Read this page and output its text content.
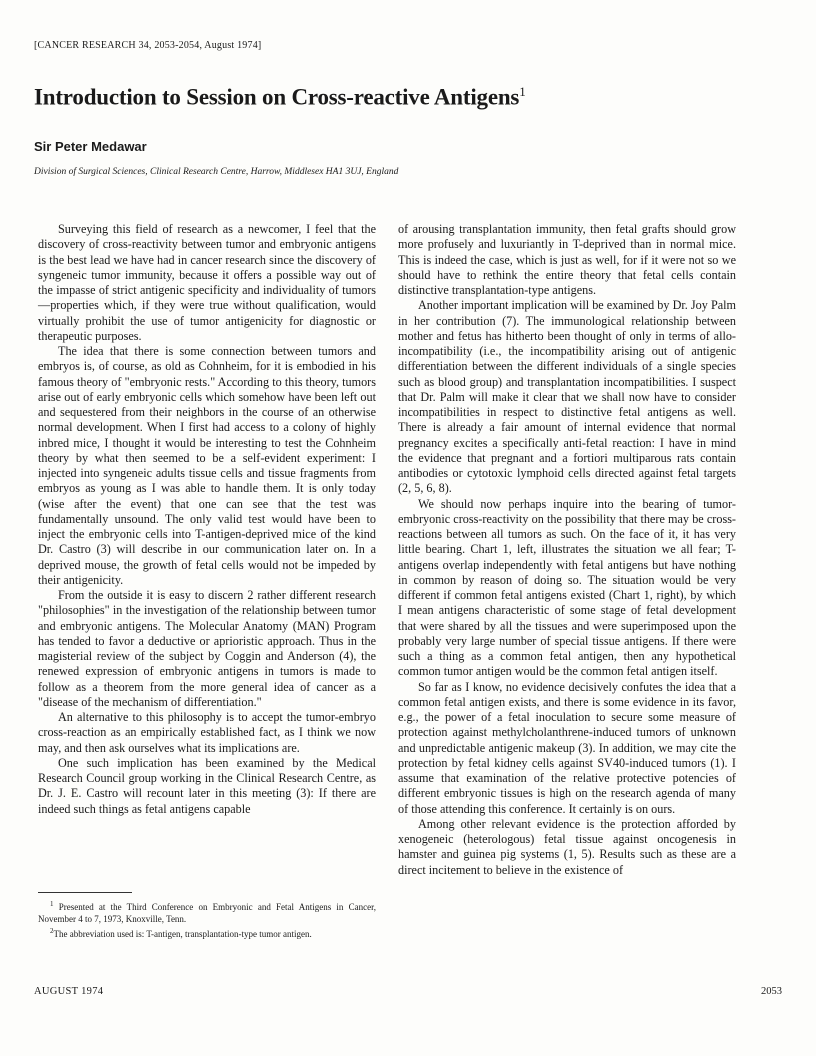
[CANCER RESEARCH 34, 2053-2054, August 1974]
Introduction to Session on Cross-reactive Antigens$^1$
Sir Peter Medawar
Division of Surgical Sciences, Clinical Research Centre, Harrow, Middlesex HA1 3UJ, England

Surveying this field of research as a newcomer, I feel that the discovery of cross-reactivity between tumor and embryonic antigens is the best lead we have had in cancer research since the discovery of syngeneic tumor immunity, because it offers a possible way out of the impasse of strict antigenic specificity and individuality of tumors—properties which, if they were true without qualification, would virtually prohibit the use of tumor antigenicity for diagnostic or therapeutic purposes.

The idea that there is some connection between tumors and embryos is, of course, as old as Cohnheim, for it is embodied in his famous theory of "embryonic rests." According to this theory, tumors arise out of early embryonic cells which somehow have been left out and sequestered from their neighbors in the course of an otherwise normal development. When I first had access to a colony of highly inbred mice, I thought it would be interesting to test the Cohnheim theory by what then seemed to be a self-evident experiment: I injected into syngeneic adults tissue cells and tissue fragments from embryos as young as I was able to handle them. It is only today (wise after the event) that one can see that the test was fundamentally unsound. The only valid test would have been to inject the embryonic cells into T-antigen-deprived mice of the kind Dr. Castro (3) will describe in our communication later on. In a deprived mouse, the growth of fetal cells would not be impeded by their antigenicity.

From the outside it is easy to discern 2 rather different research "philosophies" in the investigation of the relationship between tumor and embryonic antigens. The Molecular Anatomy (MAN) Program has tended to favor a deductive or aprioristic approach. Thus in the magisterial review of the subject by Coggin and Anderson (4), the renewed expression of embryonic antigens in tumors is made to follow as a theorem from the more general idea of cancer as a "disease of the mechanism of differentiation."

An alternative to this philosophy is to accept the tumor-embryo cross-reaction as an empirically established fact, as I think we now may, and then ask ourselves what its implications are.

One such implication has been examined by the Medical Research Council group working in the Clinical Research Centre, as Dr. J. E. Castro will recount later in this meeting (3): If there are indeed such things as fetal antigens capable

$^1$ Presented at the Third Conference on Embryonic and Fetal Antigens in Cancer, November 4 to 7, 1973, Knoxville, Tenn.

$^2$The abbreviation used is: T-antigen, transplantation-type tumor antigen.

of arousing transplantation immunity, then fetal grafts should grow more profusely and luxuriantly in T-deprived than in normal mice. This is indeed the case, which is just as well, for if it were not so we should have to rethink the entire theory that fetal cells contain distinctive transplantation-type antigens.

Another important implication will be examined by Dr. Joy Palm in her contribution (7). The immunological relationship between mother and fetus has hitherto been thought of only in terms of allo-incompatibility (i.e., the incompatibility arising out of antigenic differentiation between the different individuals of a single species such as blood group) and transplantation incompatibilities. I suspect that Dr. Palm will make it clear that we shall now have to consider incompatibilities in respect to distinctive fetal antigens as well. There is already a fair amount of internal evidence that normal pregnancy excites a specifically anti-fetal reaction: I have in mind the evidence that pregnant and a fortiori multiparous rats contain antibodies or cytotoxic lymphoid cells directed against fetal targets (2, 5, 6, 8).

We should now perhaps inquire into the bearing of tumor-embryonic cross-reactivity on the possibility that there may be cross-reactions between all tumors as such. On the face of it, it has very little bearing. Chart 1, left, illustrates the situation we all fear; T-antigens overlap independently with fetal antigens but have nothing in common by reason of doing so. The situation would be very different if common fetal antigens existed (Chart 1, right), by which I mean antigens characteristic of some stage of fetal development that were shared by all the tissues and were superimposed upon the probably very large number of special tissue antigens. If there were such a thing as a common fetal antigen, then any hypothetical common tumor antigen would be the common fetal antigen itself.

So far as I know, no evidence decisively confutes the idea that a common fetal antigen exists, and there is some evidence in its favor, e.g., the power of a fetal inoculation to secure some measure of protection against methylcholanthrene-induced tumors of unknown and unpredictable antigenic makeup (3). In addition, we may cite the protection by fetal kidney cells against SV40-induced tumors (1). I assume that examination of the relative protective potencies of different embryonic tissues is high on the research agenda of many of those attending this conference. It certainly is on ours.

Among other relevant evidence is the protection afforded by xenogeneic (heterologous) fetal tissue against oncogenesis in hamster and guinea pig systems (1, 5). Results such as these are a direct incitement to believe in the existence of

AUGUST 1974	2053
